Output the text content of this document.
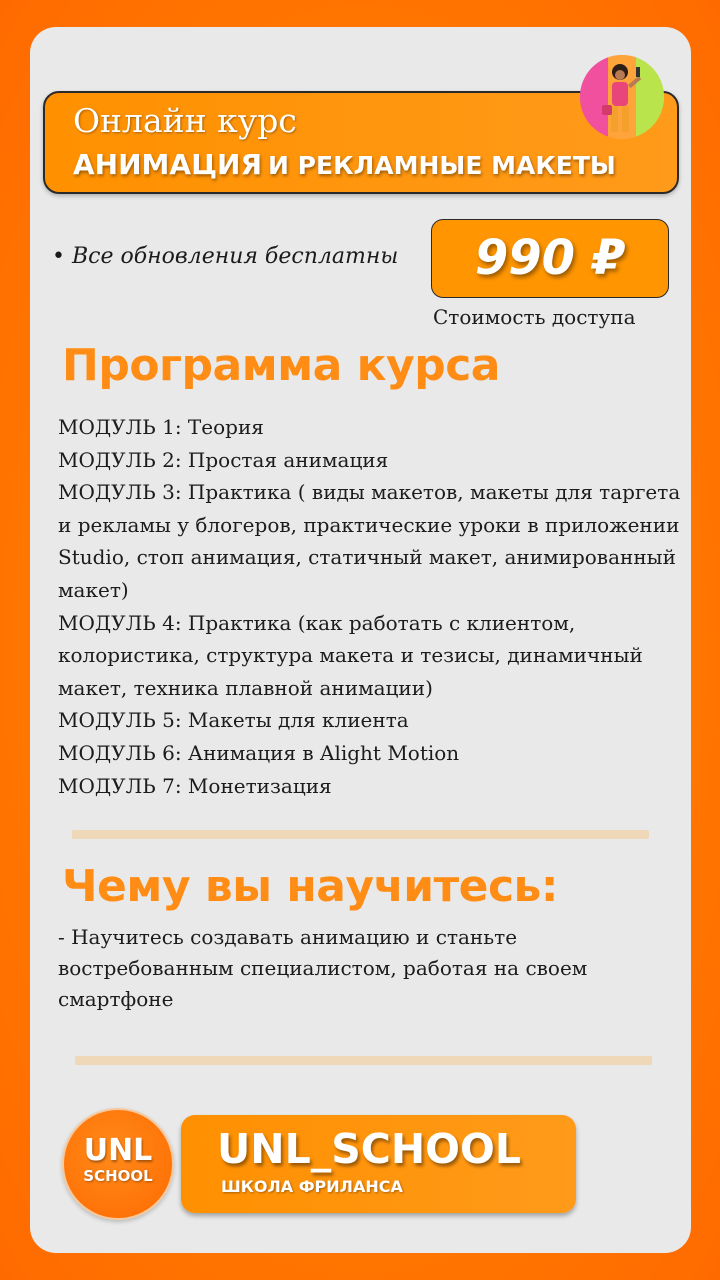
Онлайн курс
АНИМАЦИЯ И РЕКЛАМНЫЕ МАКЕТЫ
• Все обновления бесплатны	990 ₽
Стоимость доступа
Программа курса
МОДУЛЬ 1: Теория
МОДУЛЬ 2: Простая анимация
МОДУЛЬ 3: Практика ( виды макетов, макеты для таргета и рекламы у блогеров, практические уроки в приложении Studio, стоп анимация, статичный макет, анимированный макет)
МОДУЛЬ 4: Практика (как работать с клиентом, колористика, структура макета и тезисы, динамичный макет, техника плавной анимации)
МОДУЛЬ 5: Макеты для клиента
МОДУЛЬ 6: Анимация в Alight Motion
МОДУЛЬ 7: Монетизация
Чему вы научитесь:
- Научитесь создавать анимацию и станьте востребованным специалистом, работая на своем смартфоне
UNL
SCHOOL
UNL_SCHOOL
ШКОЛА ФРИЛАНСА
